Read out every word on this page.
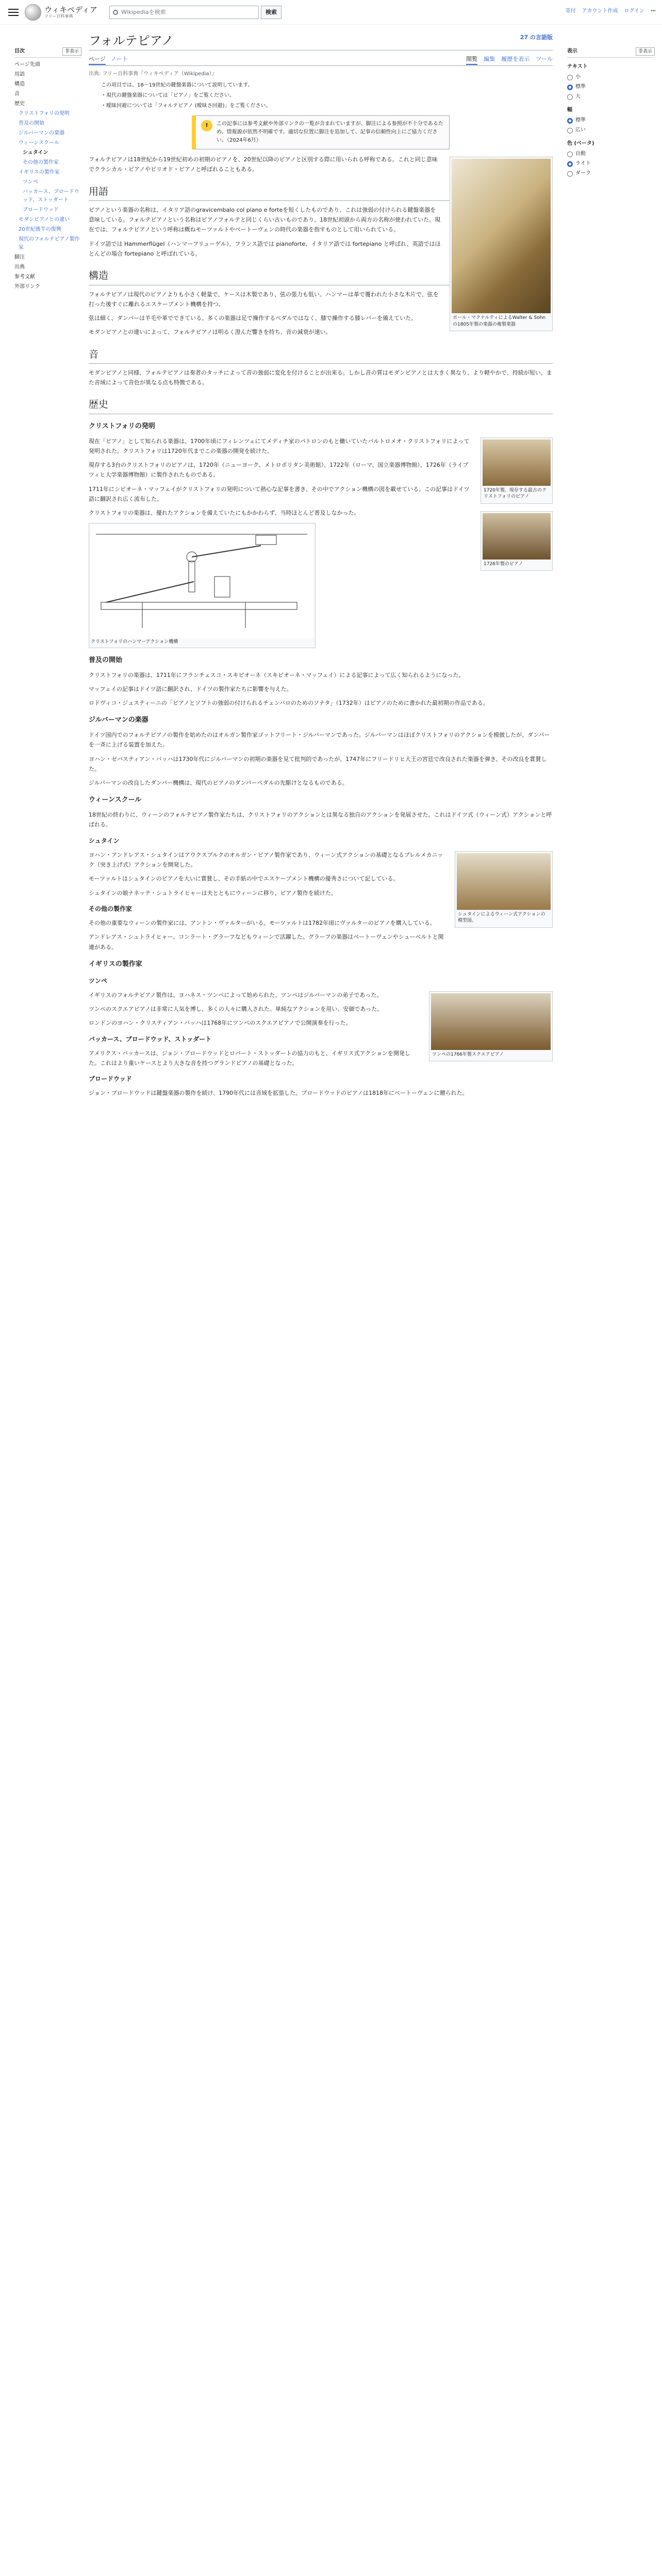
ウィキペディア
フリー百科事典
Wikipediaを検索	検索	寄付 アカウント作成 ログイン ⋯
目次	非表示
ページ先頭
用語
構造
音
歴史
クリストフォリの発明
普及の開始
ジルバーマンの楽器
ウィーンスクール
シュタイン
その他の製作家
イギリスの製作家
ツンペ
バッカース、ブロードウッド、ストッダート
ブロードウッド
モダンピアノとの違い
20世紀後半の復興
現代のフォルテピアノ製作家
脚注
出典
参考文献
外部リンク
フォルテピアノ	27 の言語版
ページ ノート	閲覧 編集 履歴を表示 ツール
出典: フリー百科事典『ウィキペディア（Wikipedia）』
この項目では、18〜19世紀の鍵盤楽器について説明しています。
・現代の鍵盤楽器については「ピアノ」をご覧ください。
・曖昧回避については「フォルテピアノ (曖昧さ回避)」をご覧ください。
!	この記事には参考文献や外部リンクの一覧が含まれていますが、脚注による参照が不十分であるため、情報源が依然不明確です。適切な位置に脚注を追加して、記事の信頼性向上にご協力ください。（2024年6月）
ポール・マクナルティによるWalter & Sohnの1805年製の楽器の複製楽器

フォルテピアノは18世紀から19世紀初めの初期のピアノを、20世紀以降のピアノと区別する際に用いられる呼称である。これと同じ意味でクラシカル・ピアノやピリオド・ピアノと呼ばれることもある。

用語

ピアノという楽器の名称は、イタリア語のgravicembalo col piano e forteを短くしたものであり、これは強弱の付けられる鍵盤楽器を意味している。フォルテピアノという名称はピアノフォルテと同じくらい古いものであり、18世紀初頭から両方の名称が使われていた。現在では、フォルテピアノという呼称は概ねモーツァルトやベートーヴェンの時代の楽器を指すものとして用いられている。

ドイツ語では Hammerflügel（ハンマーフリューゲル）、フランス語では pianoforte、イタリア語では fortepiano と呼ばれ、英語ではほとんどの場合 fortepiano と呼ばれている。

構造

フォルテピアノは現代のピアノよりも小さく軽量で、ケースは木製であり、弦の張力も低い。ハンマーは革で覆われた小さな木片で、弦を打った後すぐに離れるエスケープメント機構を持つ。

弦は細く、ダンパーは羊毛や革でできている。多くの楽器は足で操作するペダルではなく、膝で操作する膝レバーを備えていた。

モダンピアノとの違いによって、フォルテピアノは明るく澄んだ響きを持ち、音の減衰が速い。

音

モダンピアノと同様、フォルテピアノは奏者のタッチによって音の強弱に変化を付けることが出来る。しかし音の質はモダンピアノとは大きく異なり、より軽やかで、持続が短い。また音域によって音色が異なる点も特徴である。

歴史
クリストフォリの発明
1720年製、現存する最古のクリストフォリのピアノ
1726年製のピアノ

現在「ピアノ」として知られる楽器は、1700年頃にフィレンツェにてメディチ家のパトロンのもと働いていたバルトロメオ・クリストフォリによって発明された。クリストフォリは1720年代までこの楽器の開発を続けた。

現存する3台のクリストフォリのピアノは、1720年（ニューヨーク、メトロポリタン美術館）、1722年（ローマ、国立楽器博物館）、1726年（ライプツィヒ大学楽器博物館）に製作されたものである。

1711年にシピオーネ・マッフェイがクリストフォリの発明について熱心な記事を書き、その中でアクション機構の図を載せている。この記事はドイツ語に翻訳され広く流布した。

クリストフォリの楽器は、優れたアクションを備えていたにもかかわらず、当時ほとんど普及しなかった。

クリストフォリのハンマーアクション機構
普及の開始

クリストフォリの楽器は、1711年にフランチェスコ・スキピオーネ（スキピオーネ・マッフェイ）による記事によって広く知られるようになった。

マッフェイの記事はドイツ語に翻訳され、ドイツの製作家たちに影響を与えた。

ロドヴィコ・ジュスティーニの「ピアノとソフトの強弱の付けられるチェンバロのためのソナタ」（1732年）はピアノのために書かれた最初期の作品である。

ジルバーマンの楽器

ドイツ国内でのフォルテピアノの製作を始めたのはオルガン製作家ゴットフリート・ジルバーマンであった。ジルバーマンはほぼクリストフォリのアクションを模倣したが、ダンパーを一斉に上げる装置を加えた。

ヨハン・ゼバスティアン・バッハは1730年代にジルバーマンの初期の楽器を見て批判的であったが、1747年にフリードリヒ大王の宮廷で改良された楽器を弾き、その改良を賞賛した。

ジルバーマンの改良したダンパー機構は、現代のピアノのダンパーペダルの先駆けとなるものである。

ウィーンスクール

18世紀の終わりに、ウィーンのフォルテピアノ製作家たちは、クリストフォリのアクションとは異なる独自のアクションを発展させた。これはドイツ式（ウィーン式）アクションと呼ばれる。

シュタイン
シュタインによるウィーン式アクションの模型図。

ヨハン・アンドレアス・シュタインはアウクスブルクのオルガン・ピアノ製作家であり、ウィーン式アクションの基礎となるプレルメカニック（突き上げ式）アクションを開発した。

モーツァルトはシュタインのピアノを大いに賞賛し、その手紙の中でエスケープメント機構の優秀さについて記している。

シュタインの娘ナネッテ・シュトライヒャーは夫とともにウィーンに移り、ピアノ製作を続けた。

その他の製作家

その他の重要なウィーンの製作家には、アントン・ヴァルターがいる。モーツァルトは1782年頃にヴァルターのピアノを購入している。

アンドレアス・シュトライヒャー、コンラート・グラーフなどもウィーンで活躍した。グラーフの楽器はベートーヴェンやシューベルトと関連がある。

イギリスの製作家
ツンペ
ツンペの1766年製スクエアピアノ

イギリスのフォルテピアノ製作は、ヨハネス・ツンペによって始められた。ツンペはジルバーマンの弟子であった。

ツンペのスクエアピアノは非常に人気を博し、多くの人々に購入された。単純なアクションを用い、安価であった。

ロンドンのヨハン・クリスティアン・バッハは1768年にツンペのスクエアピアノで公開演奏を行った。

バッカース、ブロードウッド、ストッダート

アメリクス・バッカースは、ジョン・ブロードウッドとロバート・ストッダートの協力のもと、イギリス式アクションを開発した。これはより重いケースとより大きな音を持つグランドピアノの基礎となった。

ブロードウッド

ジョン・ブロードウッドは鍵盤楽器の製作を続け、1790年代には音域を拡張した。ブロードウッドのピアノは1818年にベートーヴェンに贈られた。

表示	非表示
テキスト
小
標準
大
幅
標準
広い
色 (ベータ)
自動
ライト
ダーク
